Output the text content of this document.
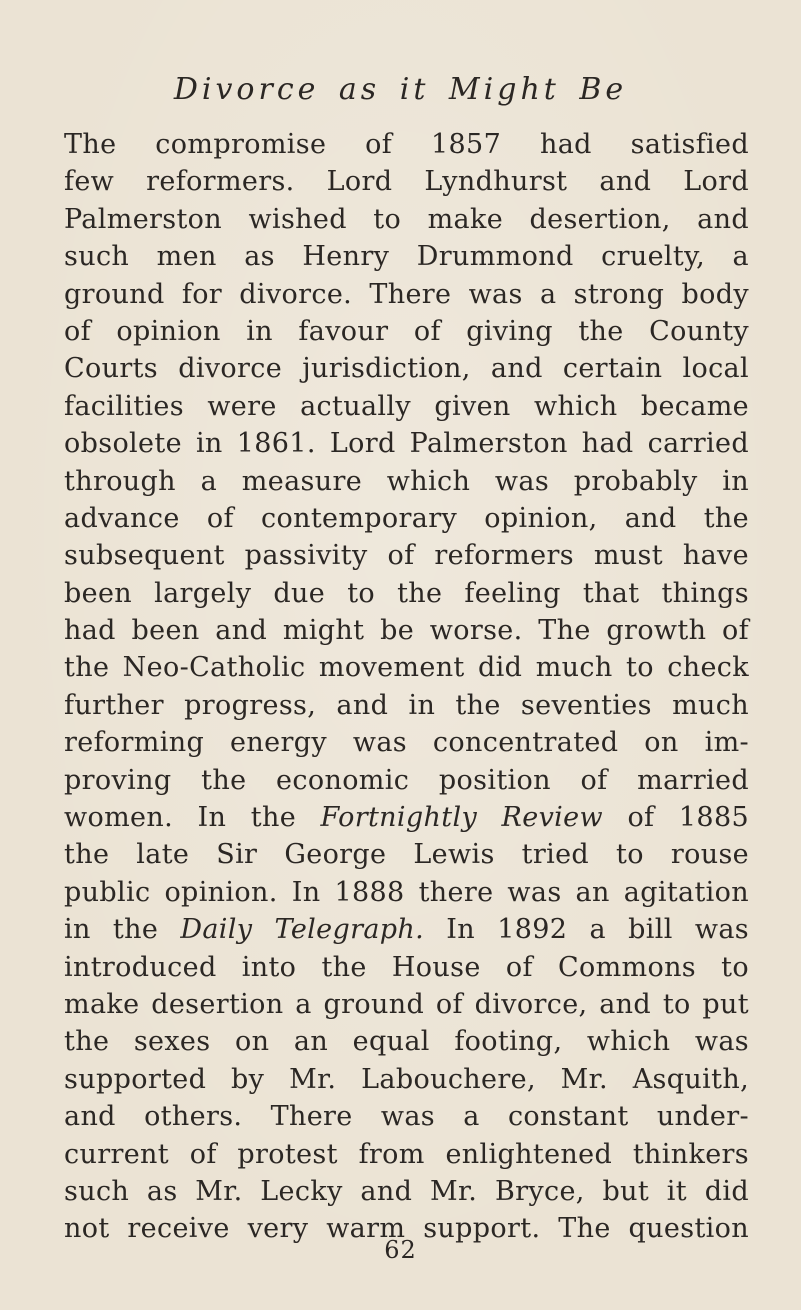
Divorce as it Might Be
The compromise of 1857 had satisfied
few reformers. Lord Lyndhurst and Lord
Palmerston wished to make desertion, and
such men as Henry Drummond cruelty, a
ground for divorce. There was a strong body
of opinion in favour of giving the County
Courts divorce jurisdiction, and certain local
facilities were actually given which became
obsolete in 1861. Lord Palmerston had carried
through a measure which was probably in
advance of contemporary opinion, and the
subsequent passivity of reformers must have
been largely due to the feeling that things
had been and might be worse. The growth of
the Neo-Catholic movement did much to check
further progress, and in the seventies much
reforming energy was concentrated on im-
proving the economic position of married
women. In the Fortnightly Review of 1885
the late Sir George Lewis tried to rouse
public opinion. In 1888 there was an agitation
in the Daily Telegraph. In 1892 a bill was
introduced into the House of Commons to
make desertion a ground of divorce, and to put
the sexes on an equal footing, which was
supported by Mr. Labouchere, Mr. Asquith,
and others. There was a constant under-
current of protest from enlightened thinkers
such as Mr. Lecky and Mr. Bryce, but it did
not receive very warm support. The question
62
